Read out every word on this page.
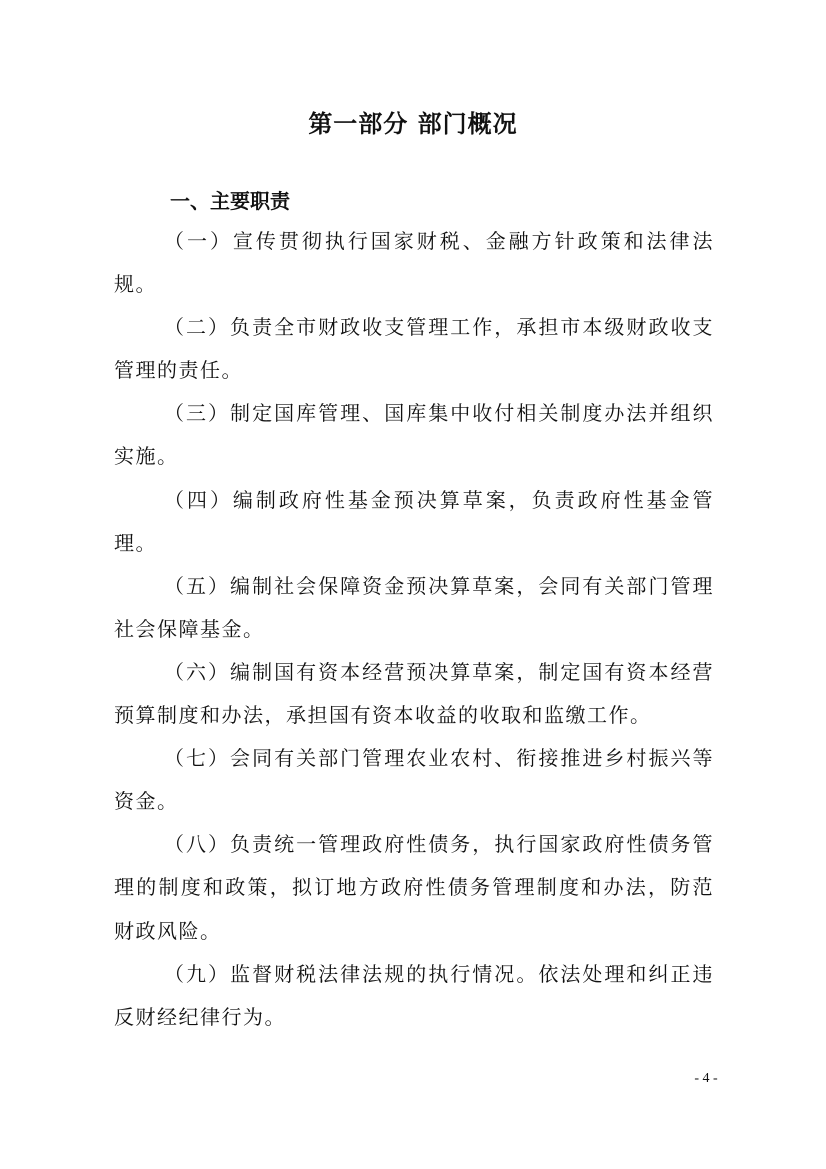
第一部分 部门概况
一、主要职责

（一）宣传贯彻执行国家财税、金融方针政策和法律法规。

（二）负责全市财政收支管理工作，承担市本级财政收支管理的责任。

（三）制定国库管理、国库集中收付相关制度办法并组织实施。

（四）编制政府性基金预决算草案，负责政府性基金管理。

（五）编制社会保障资金预决算草案，会同有关部门管理社会保障基金。

（六）编制国有资本经营预决算草案，制定国有资本经营预算制度和办法，承担国有资本收益的收取和监缴工作。

（七）会同有关部门管理农业农村、衔接推进乡村振兴等资金。

（八）负责统一管理政府性债务，执行国家政府性债务管理的制度和政策，拟订地方政府性债务管理制度和办法，防范财政风险。

（九）监督财税法律法规的执行情况。依法处理和纠正违反财经纪律行为。

- 4 -
